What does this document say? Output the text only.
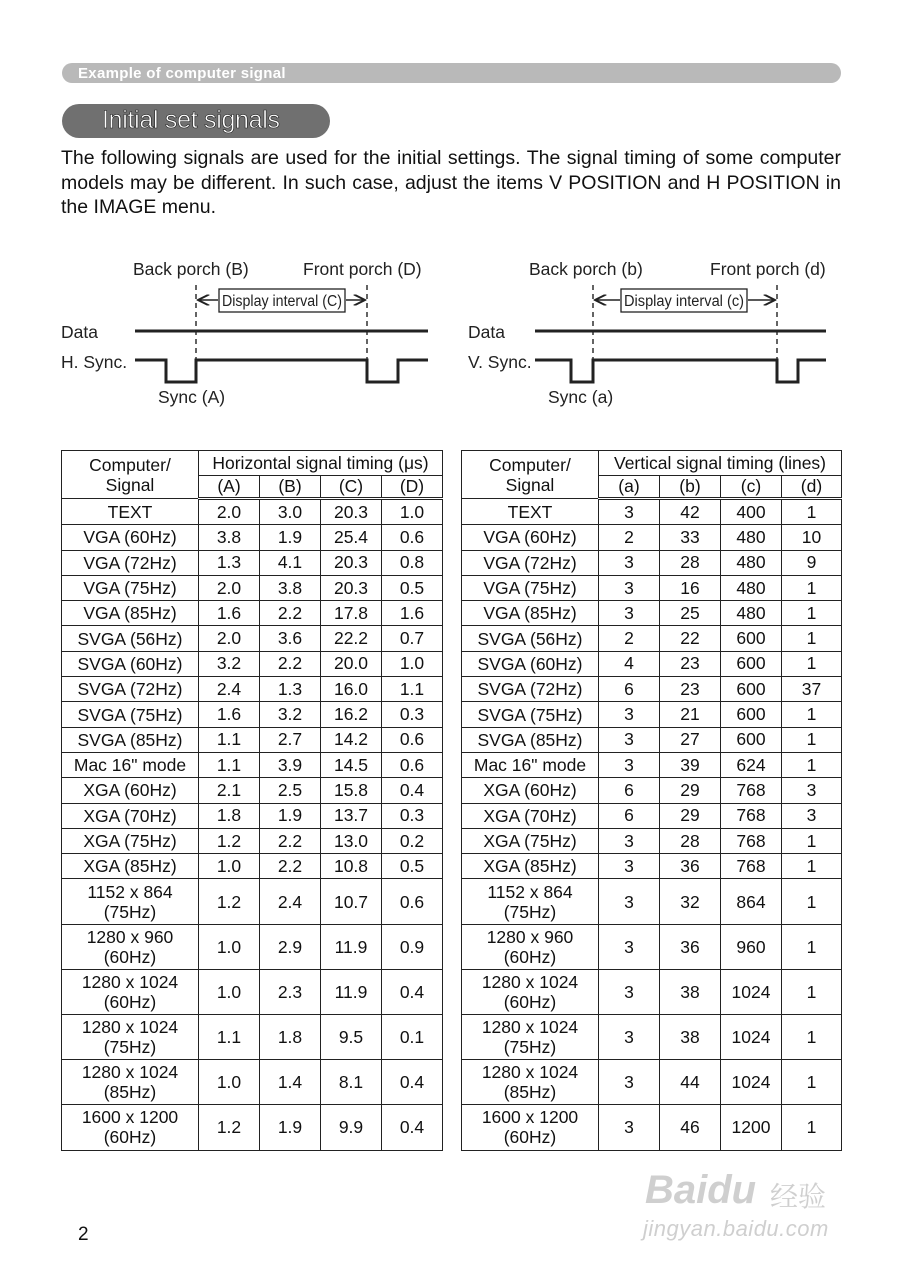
Example of computer signal
Initial set signals
The following signals are used for the initial settings. The signal timing of some computer models may be different. In such case, adjust the items V POSITION and H POSITION in the IMAGE menu.
Back porch (B)	Front porch (D)
Display interval (C)
Data
H. Sync.
Sync (A)
Back porch (b)	Front porch (d)
Display interval (c)
Data
V. Sync.
Sync (a)
Computer/
Signal	Horizontal signal timing (μs)			
	(A)	(B)	(C)	(D)
TEXT	2.0	3.0	20.3	1.0
VGA (60Hz)	3.8	1.9	25.4	0.6
VGA (72Hz)	1.3	4.1	20.3	0.8
VGA (75Hz)	2.0	3.8	20.3	0.5
VGA (85Hz)	1.6	2.2	17.8	1.6
SVGA (56Hz)	2.0	3.6	22.2	0.7
SVGA (60Hz)	3.2	2.2	20.0	1.0
SVGA (72Hz)	2.4	1.3	16.0	1.1
SVGA (75Hz)	1.6	3.2	16.2	0.3
SVGA (85Hz)	1.1	2.7	14.2	0.6
Mac 16" mode	1.1	3.9	14.5	0.6
XGA (60Hz)	2.1	2.5	15.8	0.4
XGA (70Hz)	1.8	1.9	13.7	0.3
XGA (75Hz)	1.2	2.2	13.0	0.2
XGA (85Hz)	1.0	2.2	10.8	0.5
1152 x 864
(75Hz)	1.2	2.4	10.7	0.6
1280 x 960
(60Hz)	1.0	2.9	11.9	0.9
1280 x 1024
(60Hz)	1.0	2.3	11.9	0.4
1280 x 1024
(75Hz)	1.1	1.8	9.5	0.1
1280 x 1024
(85Hz)	1.0	1.4	8.1	0.4
1600 x 1200
(60Hz)	1.2	1.9	9.9	0.4
Computer/
Signal	Vertical signal timing (lines)			
	(a)	(b)	(c)	(d)
TEXT	3	42	400	1
VGA (60Hz)	2	33	480	10
VGA (72Hz)	3	28	480	9
VGA (75Hz)	3	16	480	1
VGA (85Hz)	3	25	480	1
SVGA (56Hz)	2	22	600	1
SVGA (60Hz)	4	23	600	1
SVGA (72Hz)	6	23	600	37
SVGA (75Hz)	3	21	600	1
SVGA (85Hz)	3	27	600	1
Mac 16" mode	3	39	624	1
XGA (60Hz)	6	29	768	3
XGA (70Hz)	6	29	768	3
XGA (75Hz)	3	28	768	1
XGA (85Hz)	3	36	768	1
1152 x 864
(75Hz)	3	32	864	1
1280 x 960
(60Hz)	3	36	960	1
1280 x 1024
(60Hz)	3	38	1024	1
1280 x 1024
(75Hz)	3	38	1024	1
1280 x 1024
(85Hz)	3	44	1024	1
1600 x 1200
(60Hz)	3	46	1200	1
2
Baidu 经验
jingyan.baidu.com
